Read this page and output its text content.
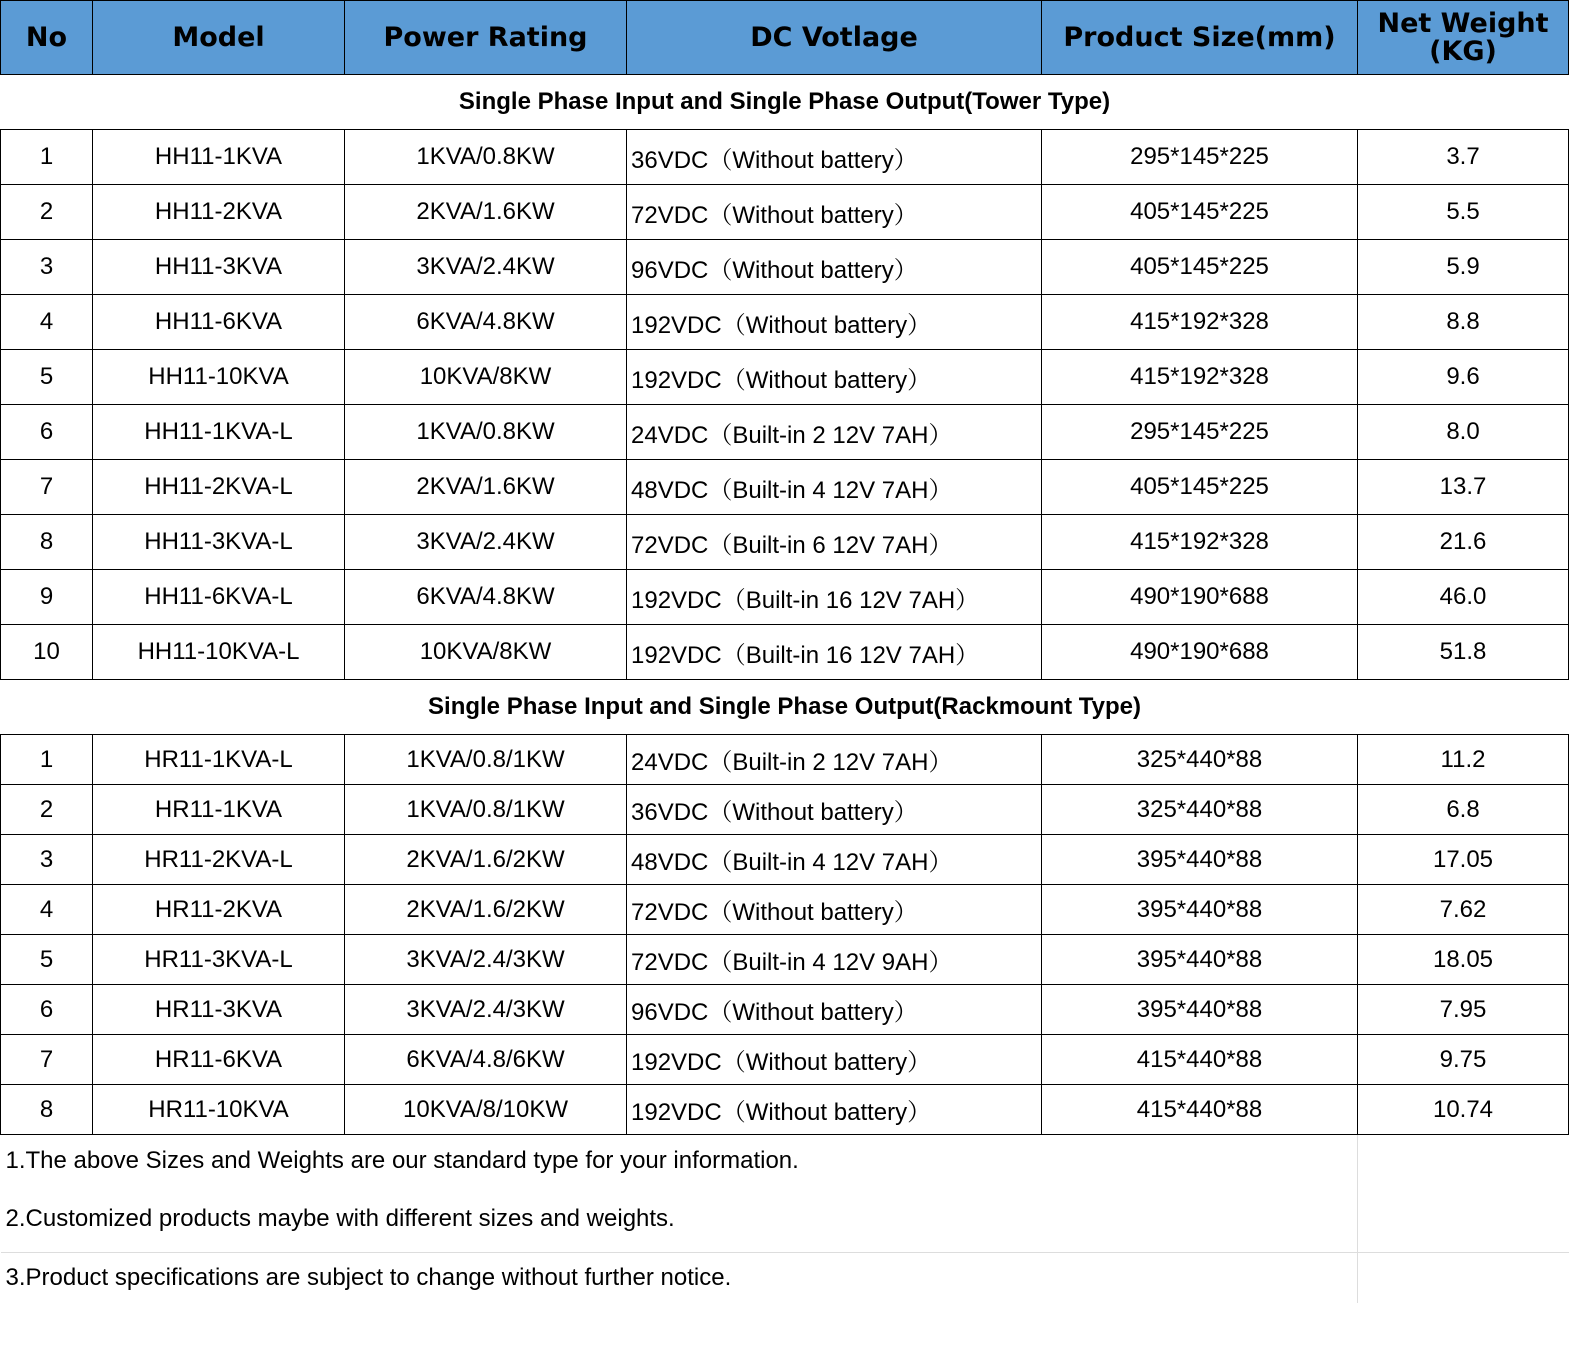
No	Model	Power Rating	DC Votlage	Product Size(mm)	Net Weight (KG)
Single Phase Input and Single Phase Output(Tower Type)					
1	HH11-1KVA	1KVA/0.8KW	36VDC（Without battery）	295*145*225	3.7
2	HH11-2KVA	2KVA/1.6KW	72VDC（Without battery）	405*145*225	5.5
3	HH11-3KVA	3KVA/2.4KW	96VDC（Without battery）	405*145*225	5.9
4	HH11-6KVA	6KVA/4.8KW	192VDC（Without battery）	415*192*328	8.8
5	HH11-10KVA	10KVA/8KW	192VDC（Without battery）	415*192*328	9.6
6	HH11-1KVA-L	1KVA/0.8KW	24VDC（Built-in 2 12V 7AH）	295*145*225	8.0
7	HH11-2KVA-L	2KVA/1.6KW	48VDC（Built-in 4 12V 7AH）	405*145*225	13.7
8	HH11-3KVA-L	3KVA/2.4KW	72VDC（Built-in 6 12V 7AH）	415*192*328	21.6
9	HH11-6KVA-L	6KVA/4.8KW	192VDC（Built-in 16 12V 7AH）	490*190*688	46.0
10	HH11-10KVA-L	10KVA/8KW	192VDC（Built-in 16 12V 7AH）	490*190*688	51.8
Single Phase Input and Single Phase Output(Rackmount Type)					
1	HR11-1KVA-L	1KVA/0.8/1KW	24VDC（Built-in 2 12V 7AH）	325*440*88	11.2
2	HR11-1KVA	1KVA/0.8/1KW	36VDC（Without battery）	325*440*88	6.8
3	HR11-2KVA-L	2KVA/1.6/2KW	48VDC（Built-in 4 12V 7AH）	395*440*88	17.05
4	HR11-2KVA	2KVA/1.6/2KW	72VDC（Without battery）	395*440*88	7.62
5	HR11-3KVA-L	3KVA/2.4/3KW	72VDC（Built-in 4 12V 9AH）	395*440*88	18.05
6	HR11-3KVA	3KVA/2.4/3KW	96VDC（Without battery）	395*440*88	7.95
7	HR11-6KVA	6KVA/4.8/6KW	192VDC（Without battery）	415*440*88	9.75
8	HR11-10KVA	10KVA/8/10KW	192VDC（Without battery）	415*440*88	10.74
1.The above Sizes and Weights are our standard type for your information.					
2.Customized products maybe with different sizes and weights.					
3.Product specifications are subject to change without further notice.					
